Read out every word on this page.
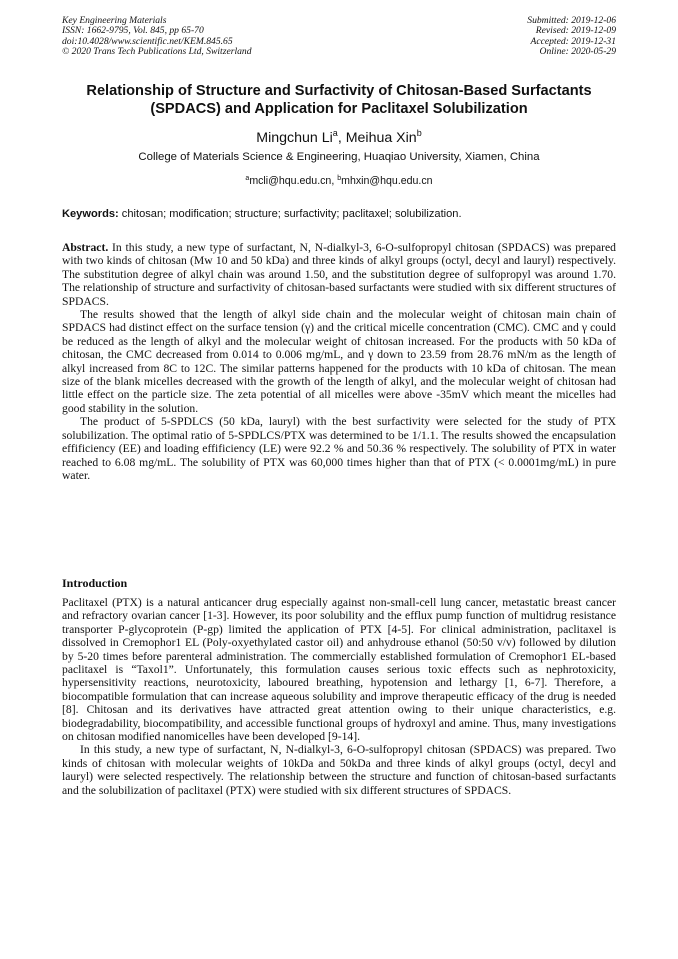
Key Engineering Materials
ISSN: 1662-9795, Vol. 845, pp 65-70
doi:10.4028/www.scientific.net/KEM.845.65
© 2020 Trans Tech Publications Ltd, Switzerland
Submitted: 2019-12-06
Revised: 2019-12-09
Accepted: 2019-12-31
Online: 2020-05-29
Relationship of Structure and Surfactivity of Chitosan-Based Surfactants (SPDACS) and Application for Paclitaxel Solubilization
Mingchun Li$^a$, Meihua Xin$^b$
College of Materials Science & Engineering, Huaqiao University, Xiamen, China
$^a$mcli@hqu.edu.cn, $^b$mhxin@hqu.edu.cn
Keywords: chitosan; modification; structure; surfactivity; paclitaxel; solubilization.

Abstract. In this study, a new type of surfactant, N, N-dialkyl-3, 6-O-sulfopropyl chitosan (SPDACS) was prepared with two kinds of chitosan (Mw 10 and 50 kDa) and three kinds of alkyl groups (octyl, decyl and lauryl) respectively. The substitution degree of alkyl chain was around 1.50, and the substitution degree of sulfopropyl was around 1.70. The relationship of structure and surfactivity of chitosan-based surfactants were studied with six different structures of SPDACS.

The results showed that the length of alkyl side chain and the molecular weight of chitosan main chain of SPDACS had distinct effect on the surface tension (γ) and the critical micelle concentration (CMC). CMC and γ could be reduced as the length of alkyl and the molecular weight of chitosan increased. For the products with 50 kDa of chitosan, the CMC decreased from 0.014 to 0.006 mg/mL, and γ down to 23.59 from 28.76 mN/m as the length of alkyl increased from 8C to 12C. The similar patterns happened for the products with 10 kDa of chitosan. The mean size of the blank micelles decreased with the growth of the length of alkyl, and the molecular weight of chitosan had little effect on the particle size. The zeta potential of all micelles were above -35mV which meant the micelles had good stability in the solution.

The product of 5-SPDLCS (50 kDa, lauryl) with the best surfactivity were selected for the study of PTX solubilization. The optimal ratio of 5-SPDLCS/PTX was determined to be 1/1.1. The results showed the encapsulation effificiency (EE) and loading effificiency (LE) were 92.2 % and 50.36 % respectively. The solubility of PTX in water reached to 6.08 mg/mL. The solubility of PTX was 60,000 times higher than that of PTX (< 0.0001mg/mL) in pure water.

Introduction

Paclitaxel (PTX) is a natural anticancer drug especially against non-small-cell lung cancer, metastatic breast cancer and refractory ovarian cancer [1-3]. However, its poor solubility and the efflux pump function of multidrug resistance transporter P-glycoprotein (P-gp) limited the application of PTX [4-5]. For clinical administration, paclitaxel is dissolved in Cremophor1 EL (Poly-oxyethylated castor oil) and anhydrouse ethanol (50:50 v/v) followed by dilution by 5-20 times before parenteral administration. The commercially established formulation of Cremophor1 EL-based paclitaxel is “Taxol1”. Unfortunately, this formulation causes serious toxic effects such as nephrotoxicity, hypersensitivity reactions, neurotoxicity, laboured breathing, hypotension and lethargy [1, 6-7]. Therefore, a biocompatible formulation that can increase aqueous solubility and improve therapeutic efficacy of the drug is needed [8]. Chitosan and its derivatives have attracted great attention owing to their unique characteristics, e.g. biodegradability, biocompatibility, and accessible functional groups of hydroxyl and amine. Thus, many investigations on chitosan modified nanomicelles have been developed [9-14].

In this study, a new type of surfactant, N, N-dialkyl-3, 6-O-sulfopropyl chitosan (SPDACS) was prepared. Two kinds of chitosan with molecular weights of 10kDa and 50kDa and three kinds of alkyl groups (octyl, decyl and lauryl) were selected respectively. The relationship between the structure and function of chitosan-based surfactants and the solubilization of paclitaxel (PTX) were studied with six different structures of SPDACS.
